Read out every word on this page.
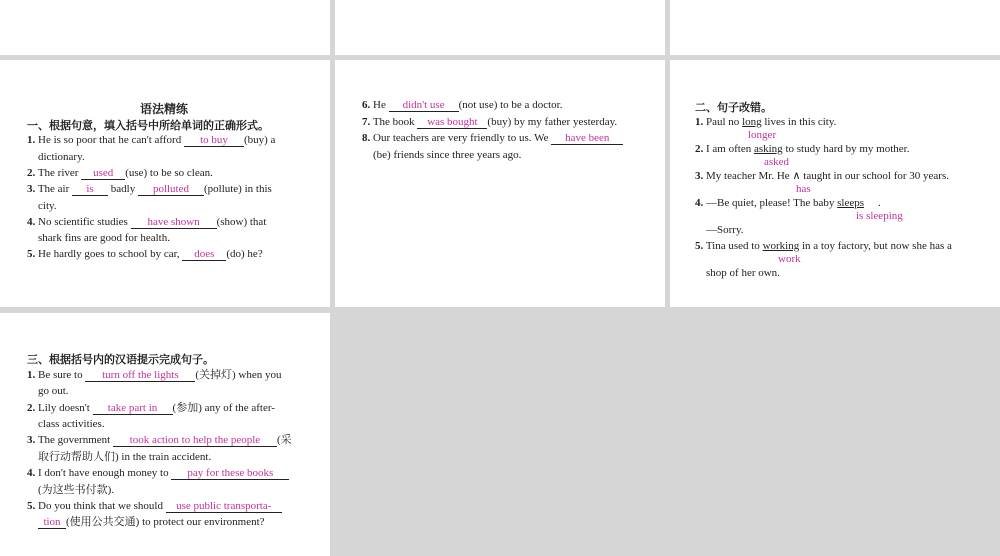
语法精练
一、根据句意，填入括号中所给单词的正确形式。
1. He is so poor that he can't afford to buy (buy) a
dictionary.
2. The river used (use) to be so clean.
3. The air is badly polluted (pollute) in this
city.
4. No scientific studies have shown (show) that
shark fins are good for health.
5. He hardly goes to school by car, does (do) he?
6. He didn't use (not use) to be a doctor.
7. The book was bought (buy) by my father yesterday.
8. Our teachers are very friendly to us. We have been
(be) friends since three years ago.
二、句子改错。
1. Paul no long lives in this city.
longer
2. I am often asking to study hard by my mother.
asked
3. My teacher Mr. He ∧ taught in our school for 30 years.
has
4. —Be quiet, please! The baby sleeps .
is sleeping
—Sorry.
5. Tina used to working in a toy factory, but now she has a
work
shop of her own.
三、根据括号内的汉语提示完成句子。
1. Be sure to turn off the lights (关掉灯) when you
go out.
2. Lily doesn't take part in (参加) any of the after-
class activities.
3. The government took action to help the people (采
取行动帮助人们) in the train accident.
4. I don't have enough money to pay for these books
(为这些书付款).
5. Do you think that we should use public transporta-
tion (使用公共交通) to protect our environment?
